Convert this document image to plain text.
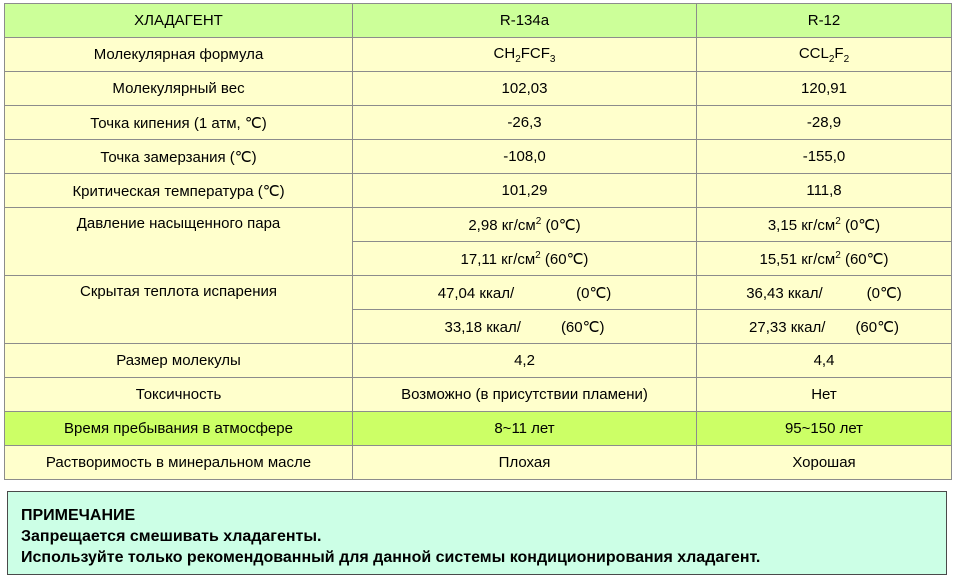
ХЛАДАГЕНТ	R-134a	R-12
Молекулярная формула	$CH_2FCF_3$	$CCL_2F_2$
Молекулярный вес	102,03	120,91
Точка кипения (1 атм, ℃)	-26,3	-28,9
Точка замерзания (℃)	-108,0	-155,0
Критическая температура (℃)	101,29	111,8
Давление насыщенного пара	2,98 $кг/см^2$ (0℃)	3,15 $кг/см^2$ (0℃)
	17,11 $кг/см^2$ (60℃)	15,51 $кг/см^2$ (60℃)
Скрытая теплота испарения	47,04 ккал/ (0℃)	36,43 ккал/ (0℃)
	33,18 ккал/ (60℃)	27,33 ккал/ (60℃)
Размер молекулы	4,2	4,4
Токсичность	Возможно (в присутствии пламени)	Нет
Время пребывания в атмосфере	8~11 лет	95~150 лет
Растворимость в минеральном масле	Плохая	Хорошая
ПРИМЕЧАНИЕ
Запрещается смешивать хладагенты.
Используйте только рекомендованный для данной системы кондиционирования хладагент.
